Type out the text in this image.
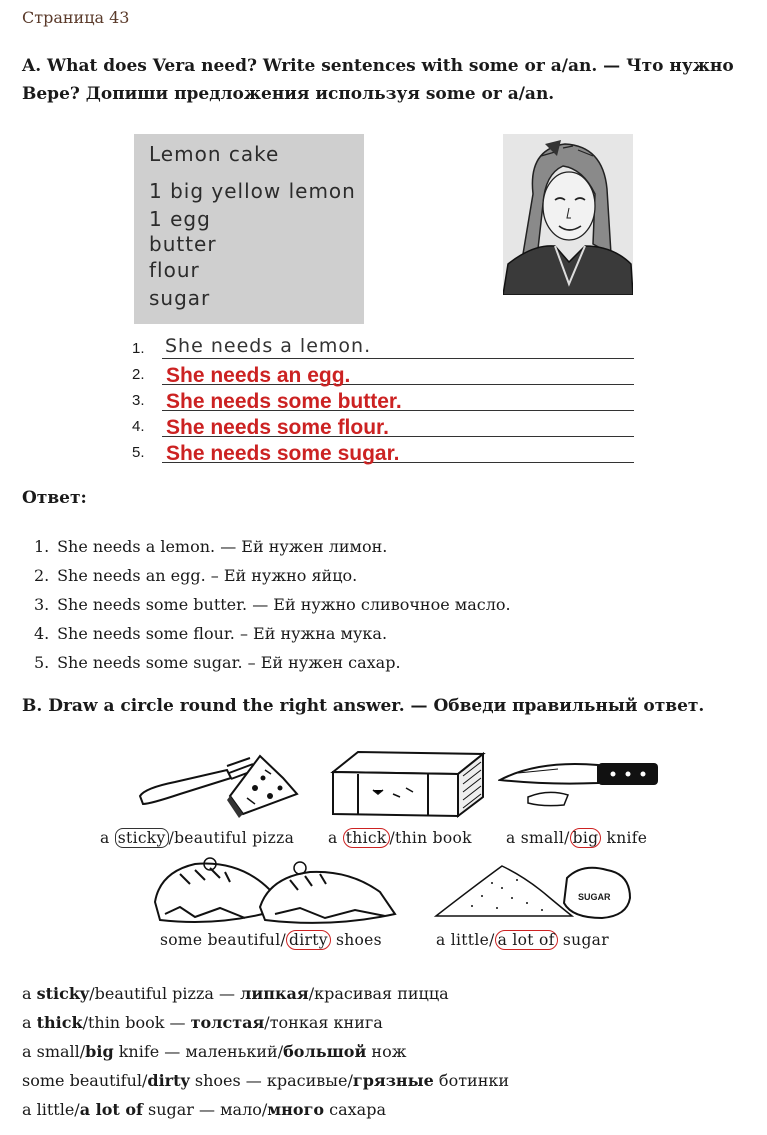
Страница 43
A. What does Vera need? Write sentences with some or a/an. — Что нужно Вере? Допиши предложения используя some or a/an.
Lemon cake
1 big yellow lemon
1 egg
butter
flour
sugar
1. She needs a lemon.
2. She needs an egg.
3. She needs some butter.
4. She needs some flour.
5. She needs some sugar.
Ответ:
1. She needs a lemon. — Ей нужен лимон.
2. She needs an egg. – Ей нужно яйцо.
3. She needs some butter. — Ей нужно сливочное масло.
4. She needs some flour. – Ей нужна мука.
5. She needs some sugar. – Ей нужен сахар.
B. Draw a circle round the right answer. — Обведи правильный ответ.
a sticky /beautiful pizza a thick /thin book a small/ big knife
some beautiful/ dirty shoes
SUGAR
a little/ a lot of sugar
a sticky/beautiful pizza — липкая/красивая пицца
a thick/thin book — толстая/тонкая книга
a small/big knife — маленький/большой нож
some beautiful/dirty shoes — красивые/грязные ботинки
a little/a lot of sugar — мало/много сахара
